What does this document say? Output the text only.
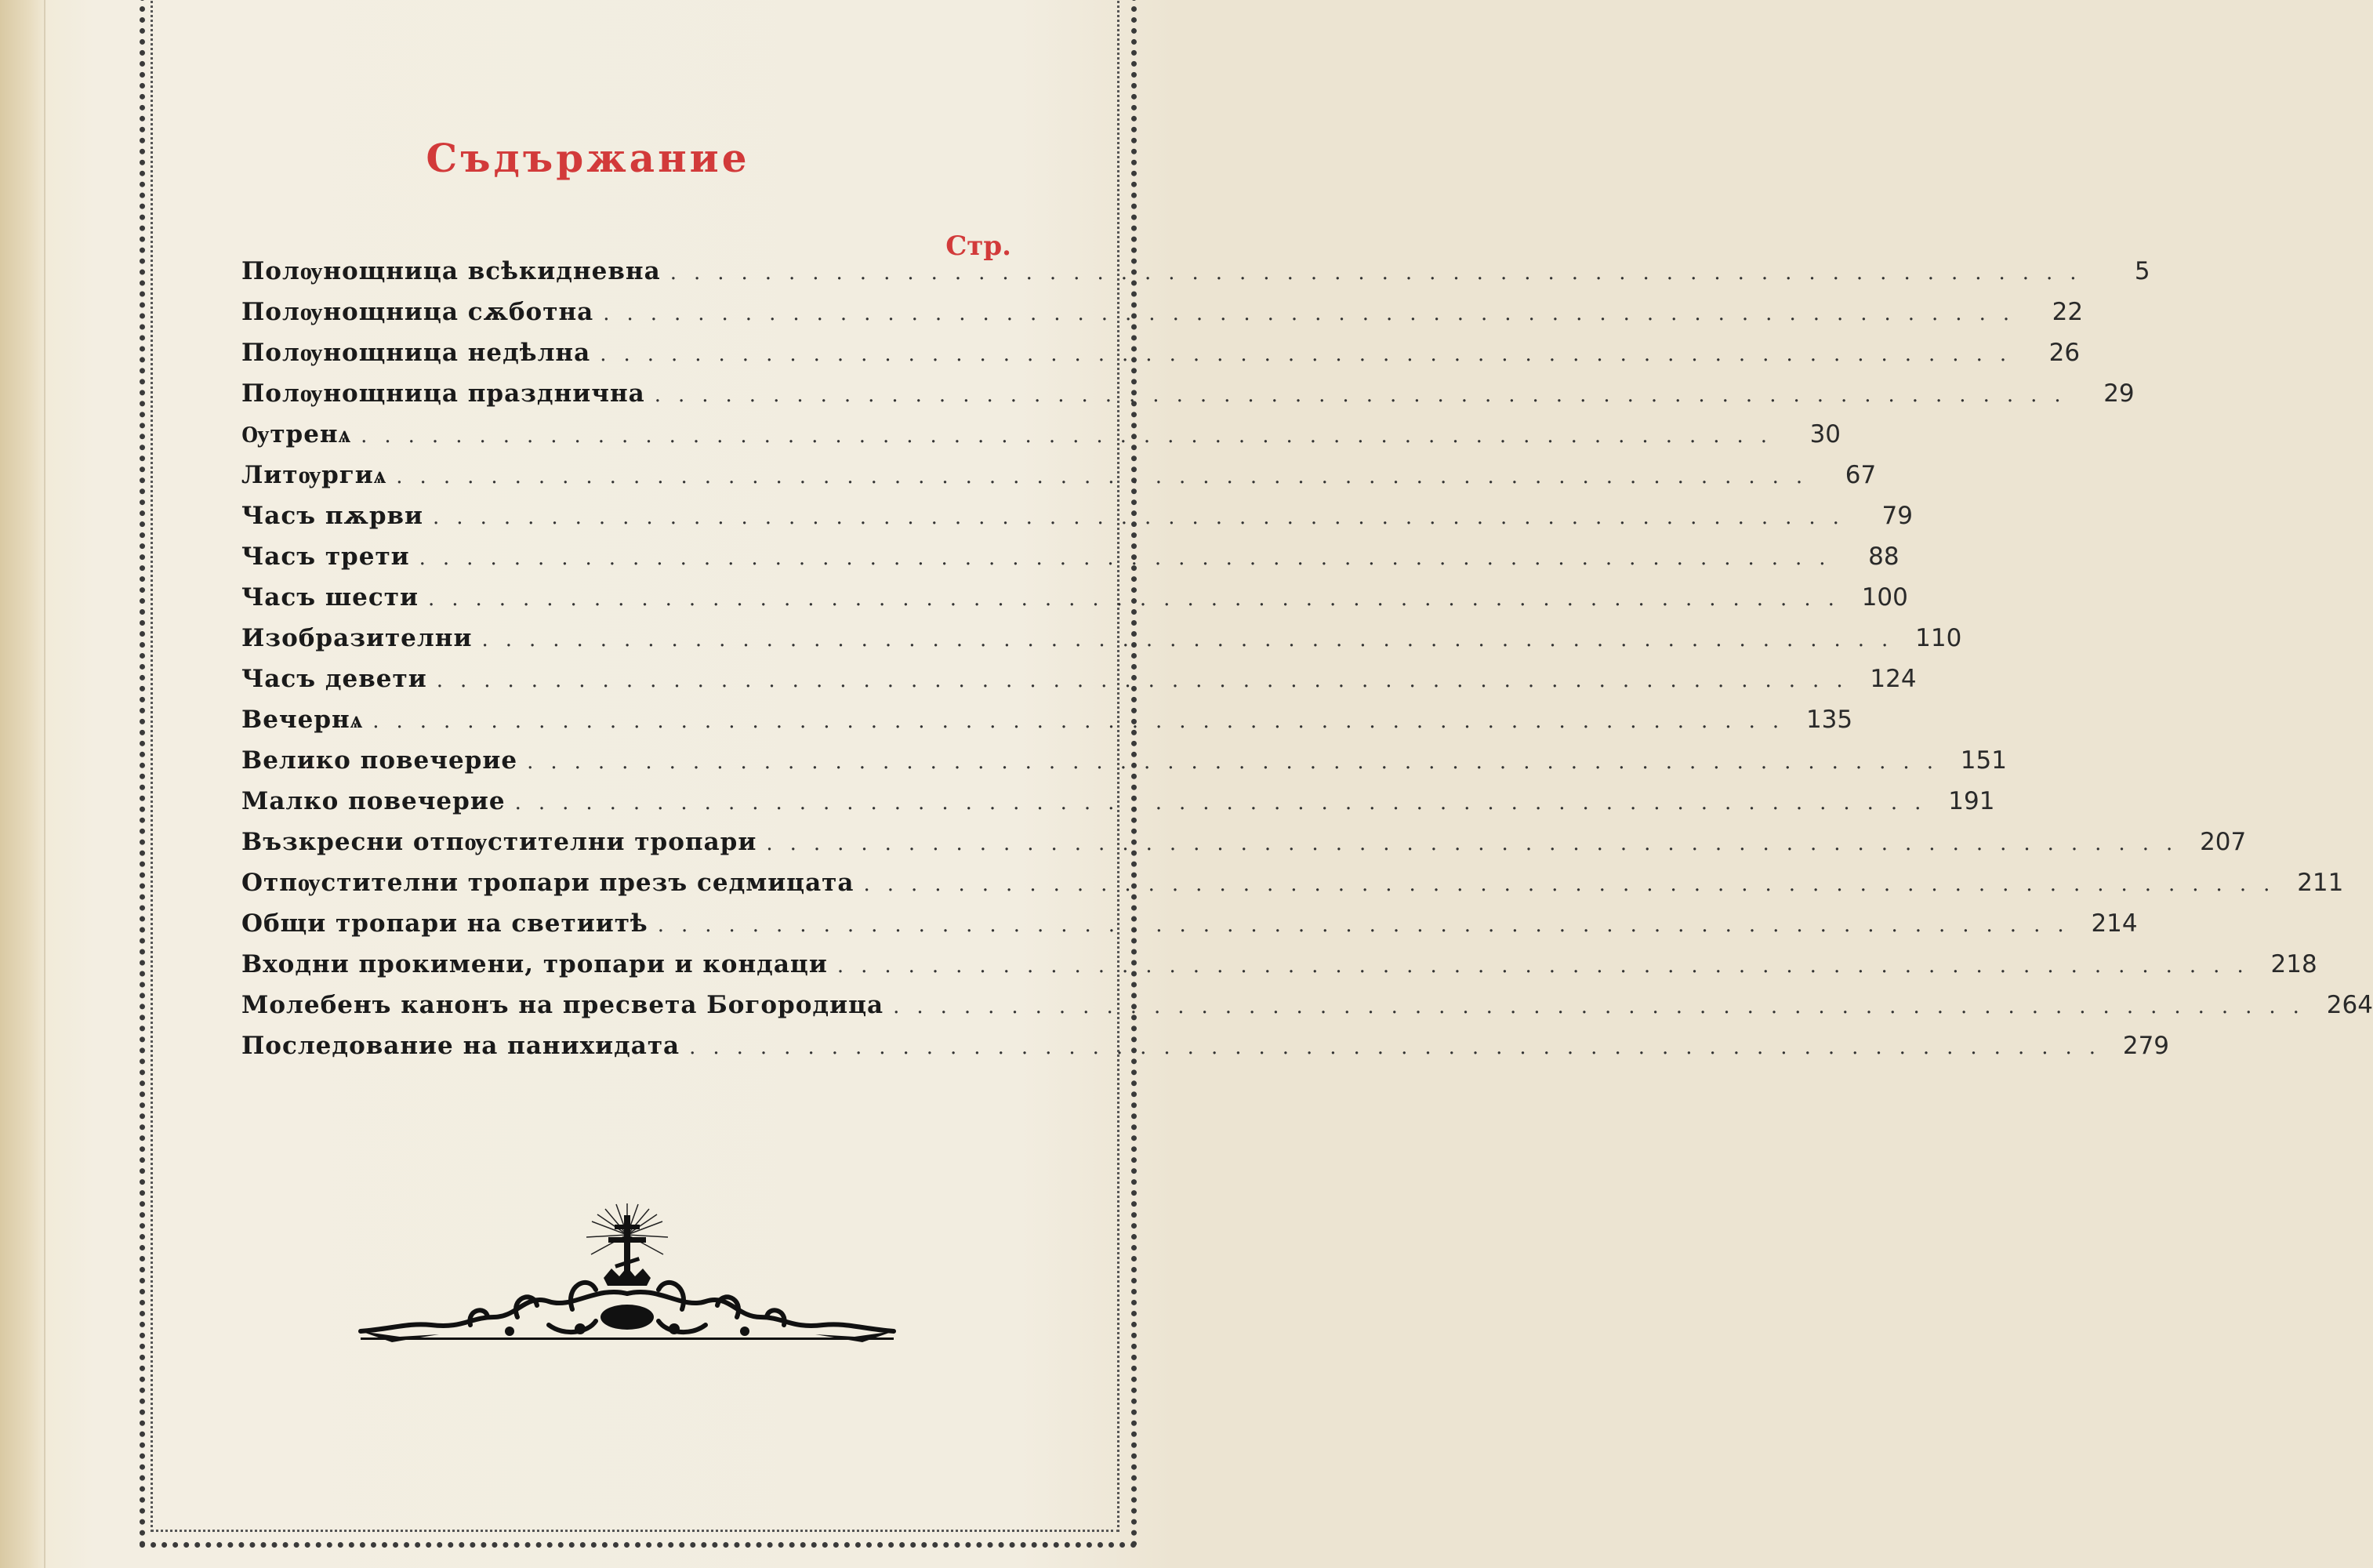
Съдържание
Стр.
Полѹнощница всѣкидневна ............................................................	5
Полѹнощница сѫботна ............................................................	22
Полѹнощница недѣлна ............................................................	26
Полѹнощница празднична ............................................................	29
Ѹтренѧ ............................................................	30
Литѹргиѧ ............................................................	67
Часъ пѫрви ............................................................	79
Часъ трети ............................................................	88
Часъ шести ............................................................ 100
Изобразителни ............................................................ 110
Часъ девети ............................................................ 124
Вечернѧ ............................................................ 135
Велико повечерие ............................................................ 151
Малко повечерие ............................................................ 191
Възкресни отпѹстителни тропари ............................................................ 207
Отпѹстителни тропари презъ седмицата ............................................................ 211
Общи тропари на светиитѣ ............................................................ 214
Входни прокимени, тропари и кондаци ............................................................ 218
Молебенъ канонъ на пресвета Богородица ............................................................ 264
Последование на панихидата ............................................................ 279
